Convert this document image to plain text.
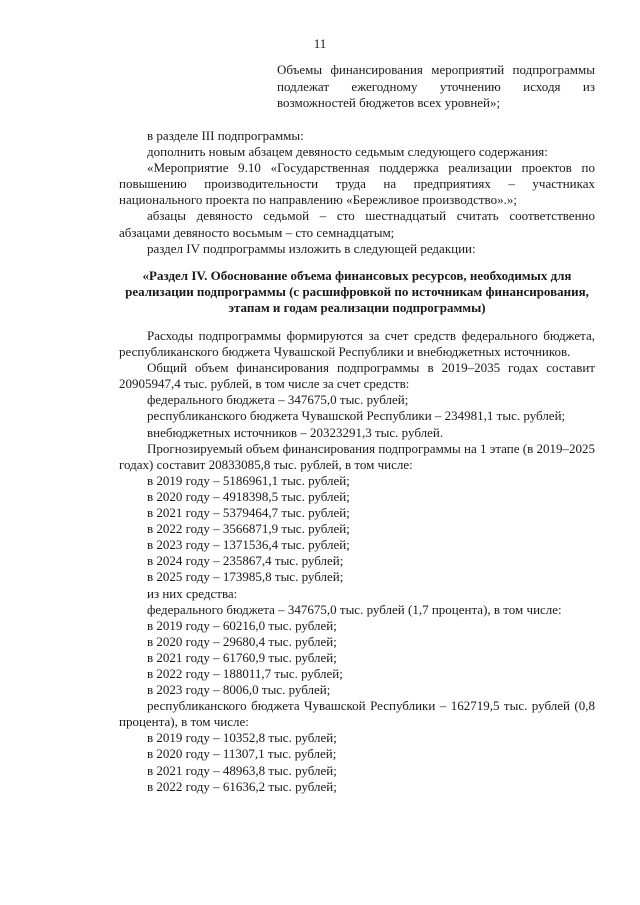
11

Объемы финансирования мероприятий подпрограммы подлежат ежегодному уточнению исходя из возможностей бюджетов всех уровней»;

в разделе III подпрограммы:

дополнить новым абзацем девяносто седьмым следующего содержания:

«Мероприятие 9.10 «Государственная поддержка реализации проектов по повышению производительности труда на предприятиях – участниках национального проекта по направлению «Бережливое производство».»;

абзацы девяносто седьмой – сто шестнадцатый считать соответственно абзацами девяносто восьмым – сто семнадцатым;

раздел IV подпрограммы изложить в следующей редакции:

«Раздел IV. Обоснование объема финансовых ресурсов, необходимых для реализации подпрограммы (с расшифровкой по источникам финансирования, этапам и годам реализации подпрограммы)

Расходы подпрограммы формируются за счет средств федерального бюджета, республиканского бюджета Чувашской Республики и внебюджетных источников.

Общий объем финансирования подпрограммы в 2019–2035 годах составит 20905947,4 тыс. рублей, в том числе за счет средств:

федерального бюджета – 347675,0 тыс. рублей;

республиканского бюджета Чувашской Республики – 234981,1 тыс. рублей;

внебюджетных источников – 20323291,3 тыс. рублей.

Прогнозируемый объем финансирования подпрограммы на 1 этапе (в 2019–2025 годах) составит 20833085,8 тыс. рублей, в том числе:

в 2019 году – 5186961,1 тыс. рублей;

в 2020 году – 4918398,5 тыс. рублей;

в 2021 году – 5379464,7 тыс. рублей;

в 2022 году – 3566871,9 тыс. рублей;

в 2023 году – 1371536,4 тыс. рублей;

в 2024 году – 235867,4 тыс. рублей;

в 2025 году – 173985,8 тыс. рублей;

из них средства:

федерального бюджета – 347675,0 тыс. рублей (1,7 процента), в том числе:

в 2019 году – 60216,0 тыс. рублей;

в 2020 году – 29680,4 тыс. рублей;

в 2021 году – 61760,9 тыс. рублей;

в 2022 году – 188011,7 тыс. рублей;

в 2023 году – 8006,0 тыс. рублей;

республиканского бюджета Чувашской Республики – 162719,5 тыс. рублей (0,8 процента), в том числе:

в 2019 году – 10352,8 тыс. рублей;

в 2020 году – 11307,1 тыс. рублей;

в 2021 году – 48963,8 тыс. рублей;

в 2022 году – 61636,2 тыс. рублей;
